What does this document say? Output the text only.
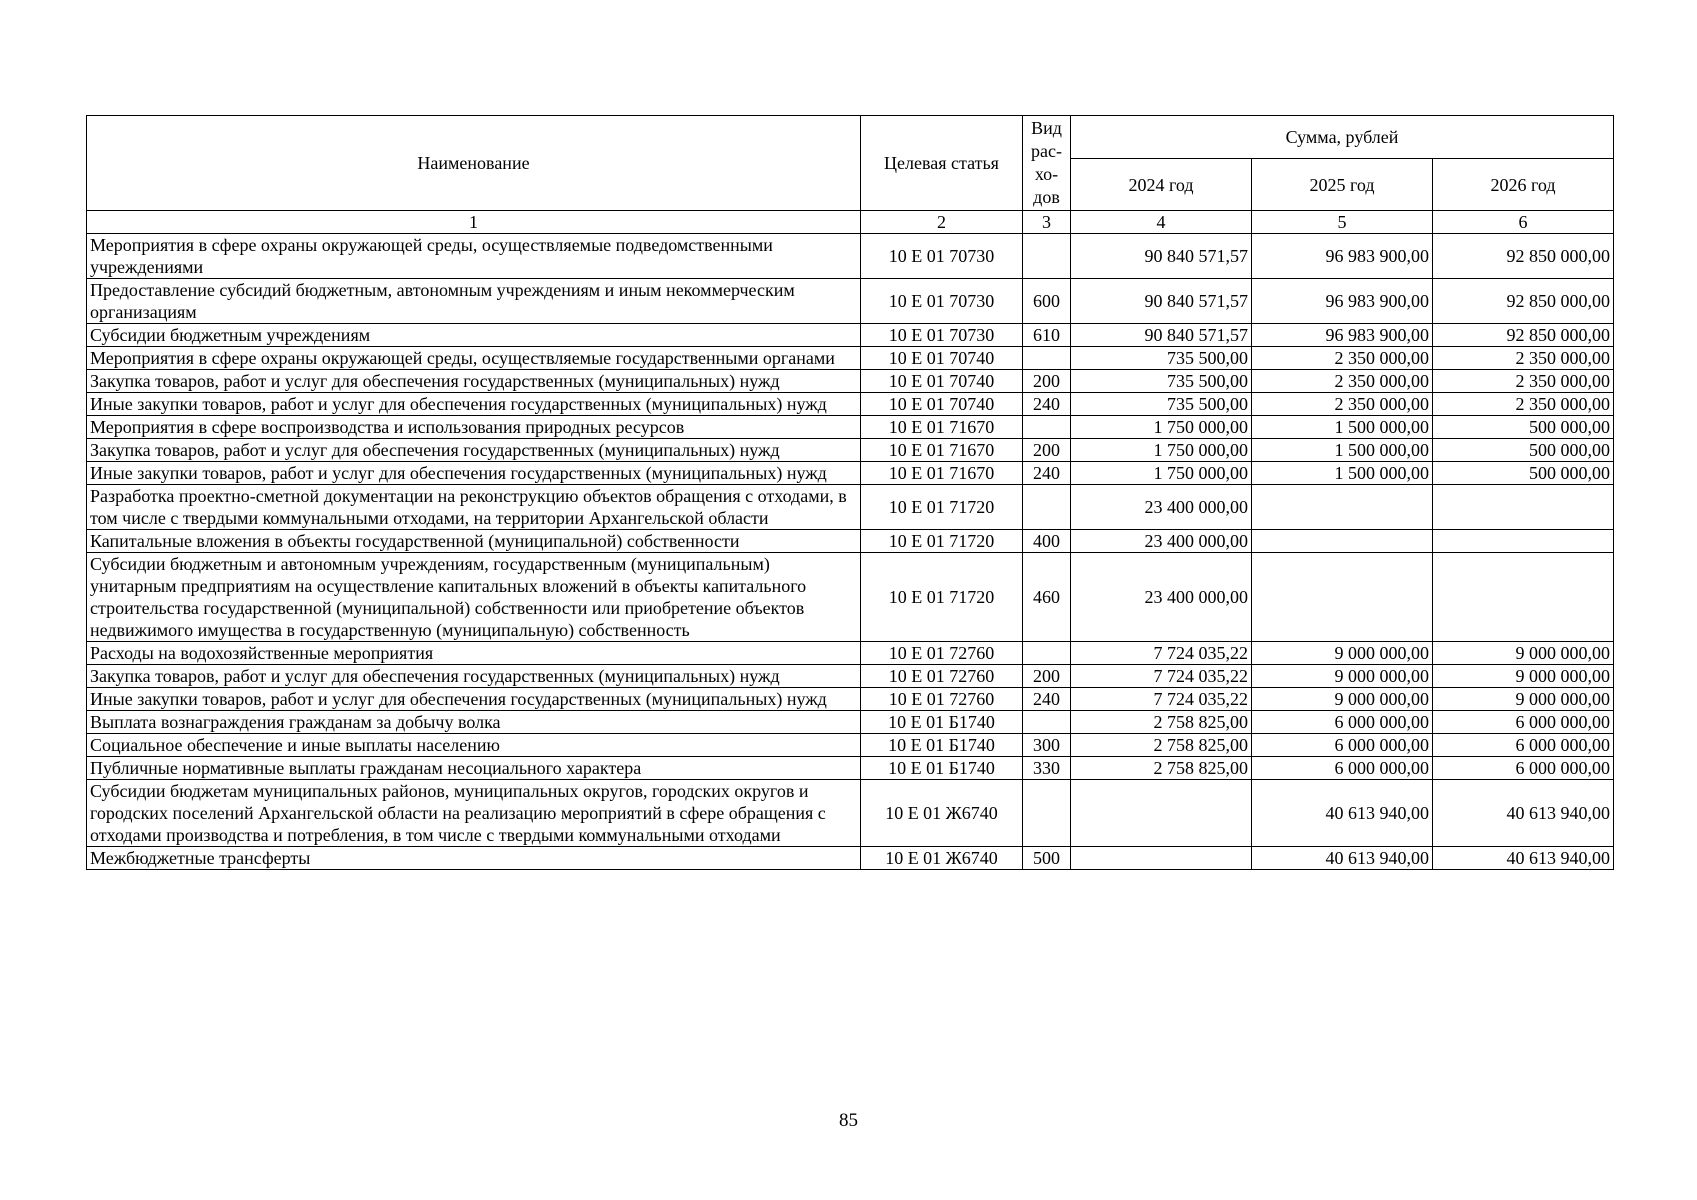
Наименование	Целевая статья	Вид рас- хо- дов	Сумма, рублей		
			2024 год	2025 год	2026 год
1	2	3	4	5	6
Мероприятия в сфере охраны окружающей среды, осуществляемые подведомственными учреждениями	10 Е 01 70730		90 840 571,57	96 983 900,00	92 850 000,00
Предоставление субсидий бюджетным, автономным учреждениям и иным некоммерческим организациям	10 Е 01 70730	600	90 840 571,57	96 983 900,00	92 850 000,00
Субсидии бюджетным учреждениям	10 Е 01 70730	610	90 840 571,57	96 983 900,00	92 850 000,00
Мероприятия в сфере охраны окружающей среды, осуществляемые государственными органами	10 Е 01 70740		735 500,00	2 350 000,00	2 350 000,00
Закупка товаров, работ и услуг для обеспечения государственных (муниципальных) нужд	10 Е 01 70740	200	735 500,00	2 350 000,00	2 350 000,00
Иные закупки товаров, работ и услуг для обеспечения государственных (муниципальных) нужд	10 Е 01 70740	240	735 500,00	2 350 000,00	2 350 000,00
Мероприятия в сфере воспроизводства и использования природных ресурсов	10 Е 01 71670		1 750 000,00	1 500 000,00	500 000,00
Закупка товаров, работ и услуг для обеспечения государственных (муниципальных) нужд	10 Е 01 71670	200	1 750 000,00	1 500 000,00	500 000,00
Иные закупки товаров, работ и услуг для обеспечения государственных (муниципальных) нужд	10 Е 01 71670	240	1 750 000,00	1 500 000,00	500 000,00
Разработка проектно-сметной документации на реконструкцию объектов обращения с отходами, в том числе с твердыми коммунальными отходами, на территории Архангельской области	10 Е 01 71720		23 400 000,00		
Капитальные вложения в объекты государственной (муниципальной) собственности	10 Е 01 71720	400	23 400 000,00		
Субсидии бюджетным и автономным учреждениям, государственным (муниципальным) унитарным предприятиям на осуществление капитальных вложений в объекты капитального строительства государственной (муниципальной) собственности или приобретение объектов недвижимого имущества в государственную (муниципальную) собственность	10 Е 01 71720	460	23 400 000,00		
Расходы на водохозяйственные мероприятия	10 Е 01 72760		7 724 035,22	9 000 000,00	9 000 000,00
Закупка товаров, работ и услуг для обеспечения государственных (муниципальных) нужд	10 Е 01 72760	200	7 724 035,22	9 000 000,00	9 000 000,00
Иные закупки товаров, работ и услуг для обеспечения государственных (муниципальных) нужд	10 Е 01 72760	240	7 724 035,22	9 000 000,00	9 000 000,00
Выплата вознаграждения гражданам за добычу волка	10 Е 01 Б1740		2 758 825,00	6 000 000,00	6 000 000,00
Социальное обеспечение и иные выплаты населению	10 Е 01 Б1740	300	2 758 825,00	6 000 000,00	6 000 000,00
Публичные нормативные выплаты гражданам несоциального характера	10 Е 01 Б1740	330	2 758 825,00	6 000 000,00	6 000 000,00
Субсидии бюджетам муниципальных районов, муниципальных округов, городских округов и городских поселений Архангельской области на реализацию мероприятий в сфере обращения с отходами производства и потребления, в том числе с твердыми коммунальными отходами	10 Е 01 Ж6740			40 613 940,00	40 613 940,00
Межбюджетные трансферты	10 Е 01 Ж6740	500		40 613 940,00	40 613 940,00
85
